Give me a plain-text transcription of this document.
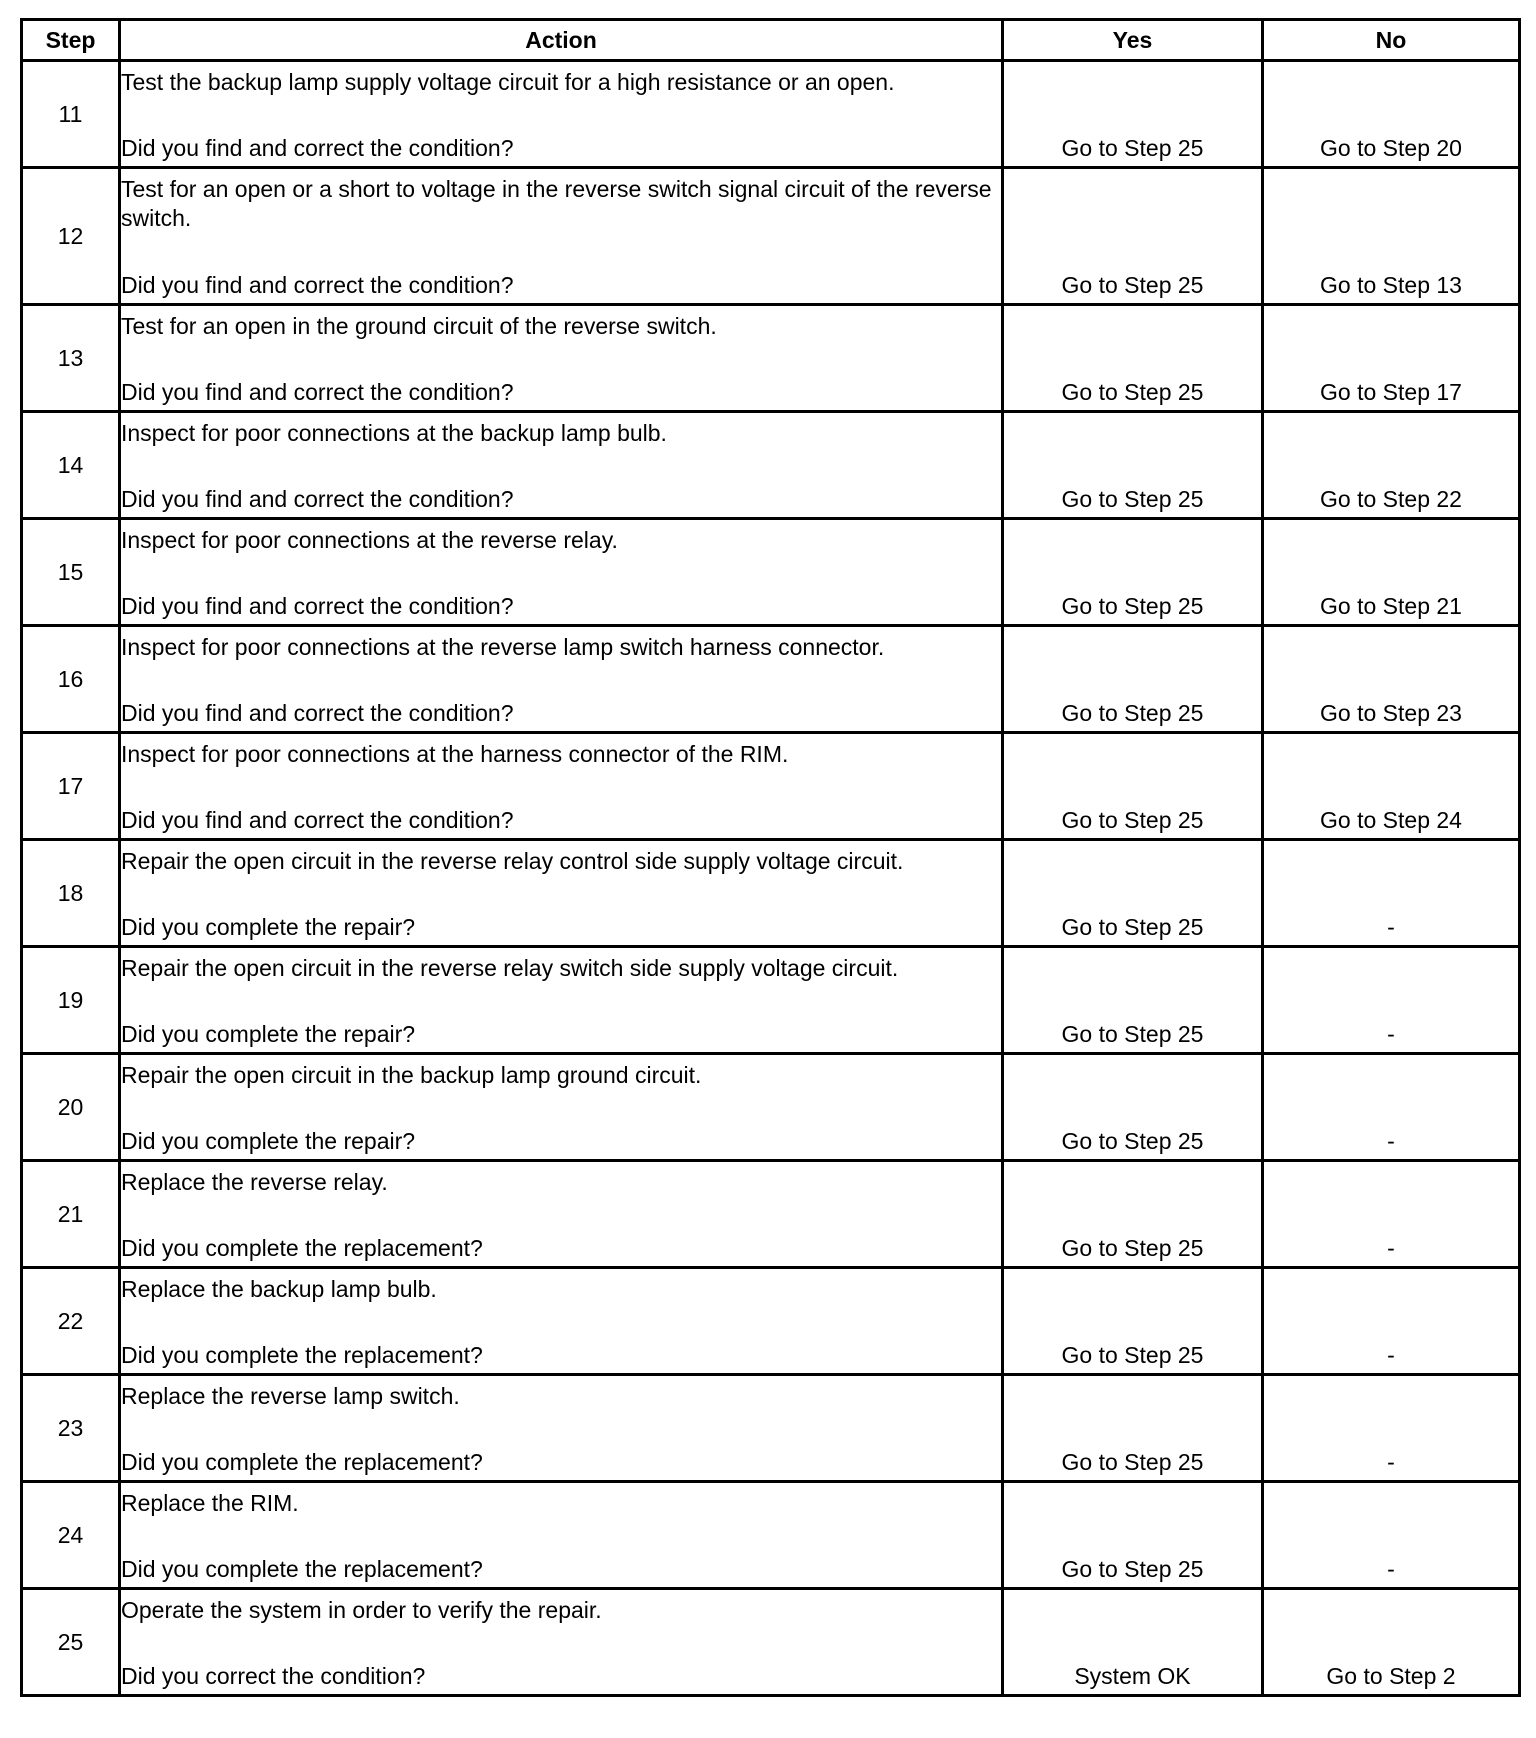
Step	Action	Yes	No
11	Test the backup lamp supply voltage circuit for a high resistance or an open.
Did you find and correct the condition?	Go to Step 25	Go to Step 20

12	Test for an open or a short to voltage in the reverse switch signal circuit of the reverse switch.
Did you find and correct the condition?	Go to Step 25	Go to Step 13

13	Test for an open in the ground circuit of the reverse switch.
Did you find and correct the condition?	Go to Step 25	Go to Step 17

14	Inspect for poor connections at the backup lamp bulb.
Did you find and correct the condition?	Go to Step 25	Go to Step 22

15	Inspect for poor connections at the reverse relay.
Did you find and correct the condition?	Go to Step 25	Go to Step 21

16	Inspect for poor connections at the reverse lamp switch harness connector.
Did you find and correct the condition?	Go to Step 25	Go to Step 23

17	Inspect for poor connections at the harness connector of the RIM.
Did you find and correct the condition?	Go to Step 25	Go to Step 24

18	Repair the open circuit in the reverse relay control side supply voltage circuit.
Did you complete the repair?	Go to Step 25	-

19	Repair the open circuit in the reverse relay switch side supply voltage circuit.
Did you complete the repair?	Go to Step 25	-

20	Repair the open circuit in the backup lamp ground circuit.
Did you complete the repair?	Go to Step 25	-

21	Replace the reverse relay.
Did you complete the replacement?	Go to Step 25	-

22	Replace the backup lamp bulb.
Did you complete the replacement?	Go to Step 25	-

23	Replace the reverse lamp switch.
Did you complete the replacement?	Go to Step 25	-

24	Replace the RIM.
Did you complete the replacement?	Go to Step 25	-

25	Operate the system in order to verify the repair.
Did you correct the condition?	System OK	Go to Step 2
